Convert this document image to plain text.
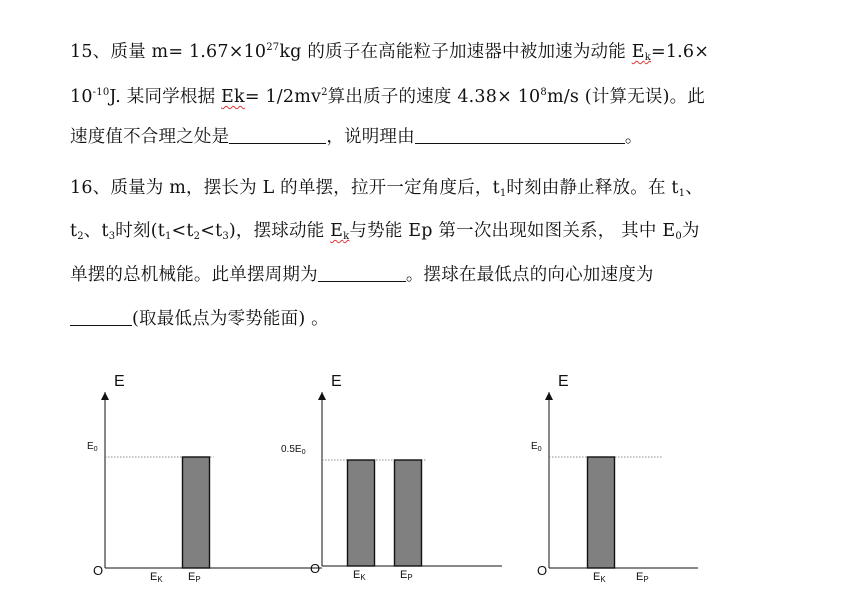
15、质量 $m= 1.67\times 10^{27}kg$ 的质子在高能粒子加速器中被加速为动能 $E_k=1.6\times$
$10^{-10}J$. 某同学根据 $Ek= 1/2mv^2$算出质子的速度 $4.38\times 10^8m/s$ (计算无误)。此
速度值不合理之处是	，说明理由	。
16、质量为 m，摆长为 L 的单摆，拉开一定角度后，$t_1$时刻由静止释放。在 $t_1$、
$t_2$、$t_3$时刻$(t_1<t_2<t_3)$，摆球动能 $E_k$与势能 Ep 第一次出现如图关系， 其中 $E_0$为
单摆的总机械能。此单摆周期为	。摆球在最低点的向心加速度为
(取最低点为零势能面) 。
E
O	EK EP
$E_0$
E
O	EK	EP
$0.5E_0$
E
O	EK	EP
$E_0$
